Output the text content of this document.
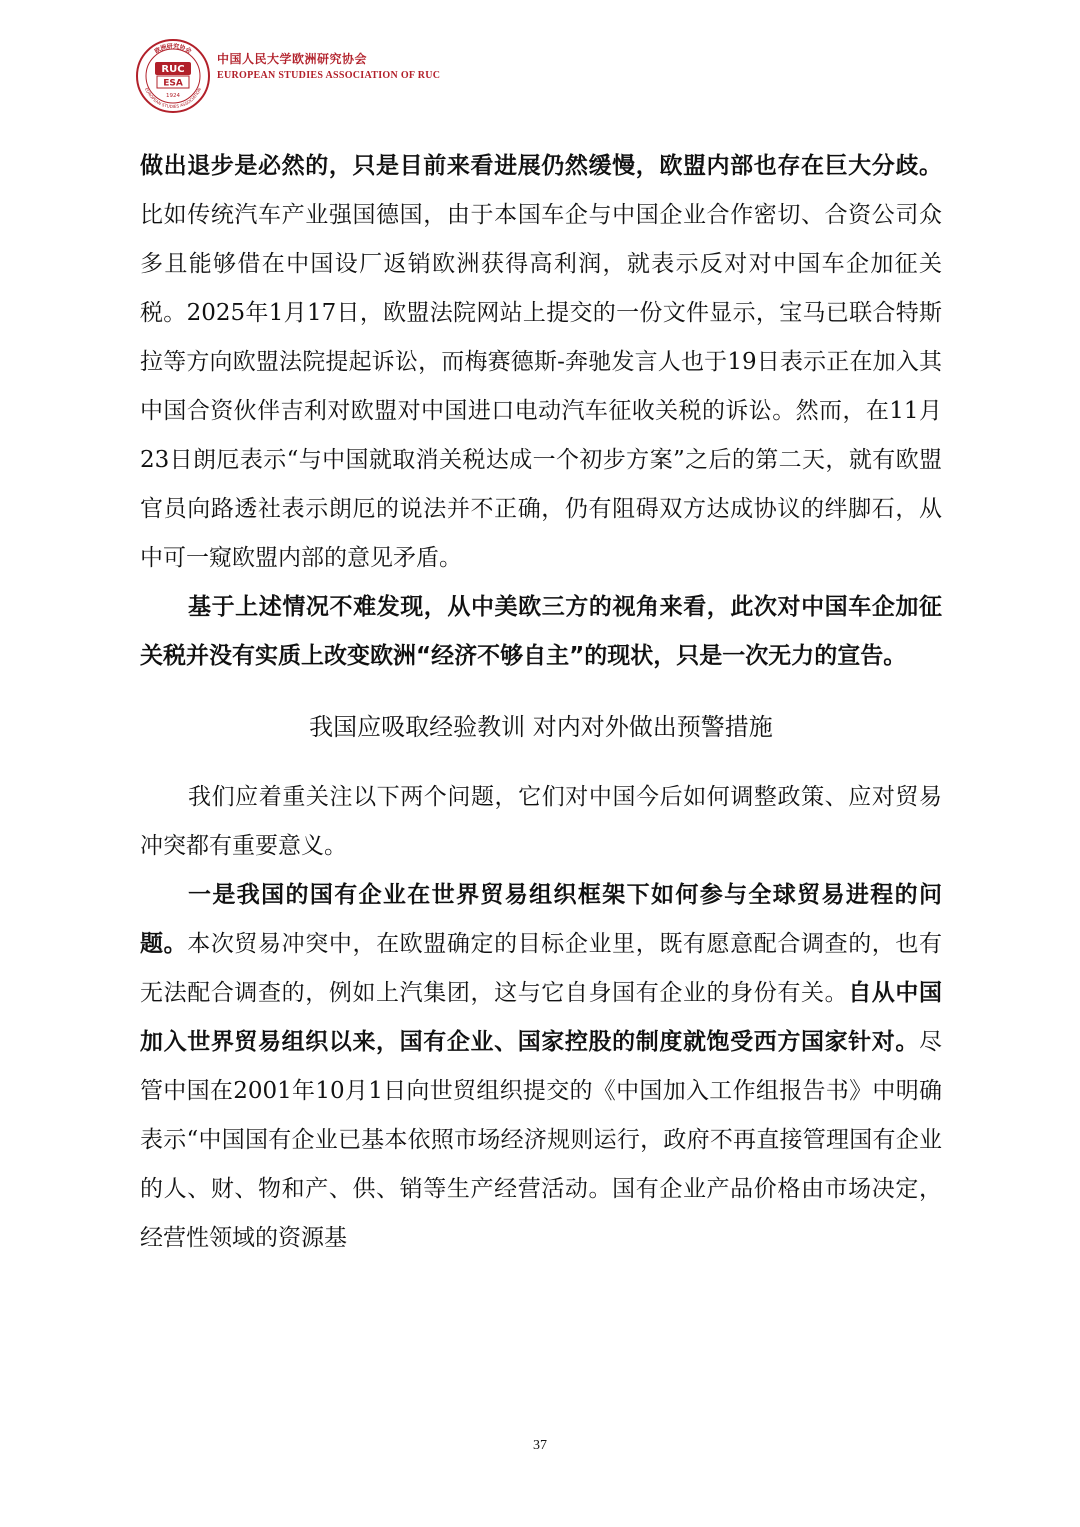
欧洲研究协会
EUROPEAN STUDIES ASSOCIATION
RUC
ESA
1924
中国人民大学欧洲研究协会
EUROPEAN STUDIES ASSOCIATION OF RUC

做出退步是必然的，只是目前来看进展仍然缓慢，欧盟内部也存在巨大分歧。比如传统汽车产业强国德国，由于本国车企与中国企业合作密切、合资公司众多且能够借在中国设厂返销欧洲获得高利润，就表示反对对中国车企加征关税。2025年1月17日，欧盟法院网站上提交的一份文件显示，宝马已联合特斯拉等方向欧盟法院提起诉讼，而梅赛德斯-奔驰发言人也于19日表示正在加入其中国合资伙伴吉利对欧盟对中国进口电动汽车征收关税的诉讼。然而，在11月23日朗厄表示“与中国就取消关税达成一个初步方案”之后的第二天，就有欧盟官员向路透社表示朗厄的说法并不正确，仍有阻碍双方达成协议的绊脚石，从中可一窥欧盟内部的意见矛盾。

基于上述情况不难发现，从中美欧三方的视角来看，此次对中国车企加征关税并没有实质上改变欧洲“经济不够自主”的现状，只是一次无力的宣告。

我国应吸取经验教训 对内对外做出预警措施

我们应着重关注以下两个问题，它们对中国今后如何调整政策、应对贸易冲突都有重要意义。

一是我国的国有企业在世界贸易组织框架下如何参与全球贸易进程的问题。本次贸易冲突中，在欧盟确定的目标企业里，既有愿意配合调查的，也有无法配合调查的，例如上汽集团，这与它自身国有企业的身份有关。自从中国加入世界贸易组织以来，国有企业、国家控股的制度就饱受西方国家针对。尽管中国在2001年10月1日向世贸组织提交的《中国加入工作组报告书》中明确表示“中国国有企业已基本依照市场经济规则运行，政府不再直接管理国有企业的人、财、物和产、供、销等生产经营活动。国有企业产品价格由市场决定，经营性领域的资源基

37
